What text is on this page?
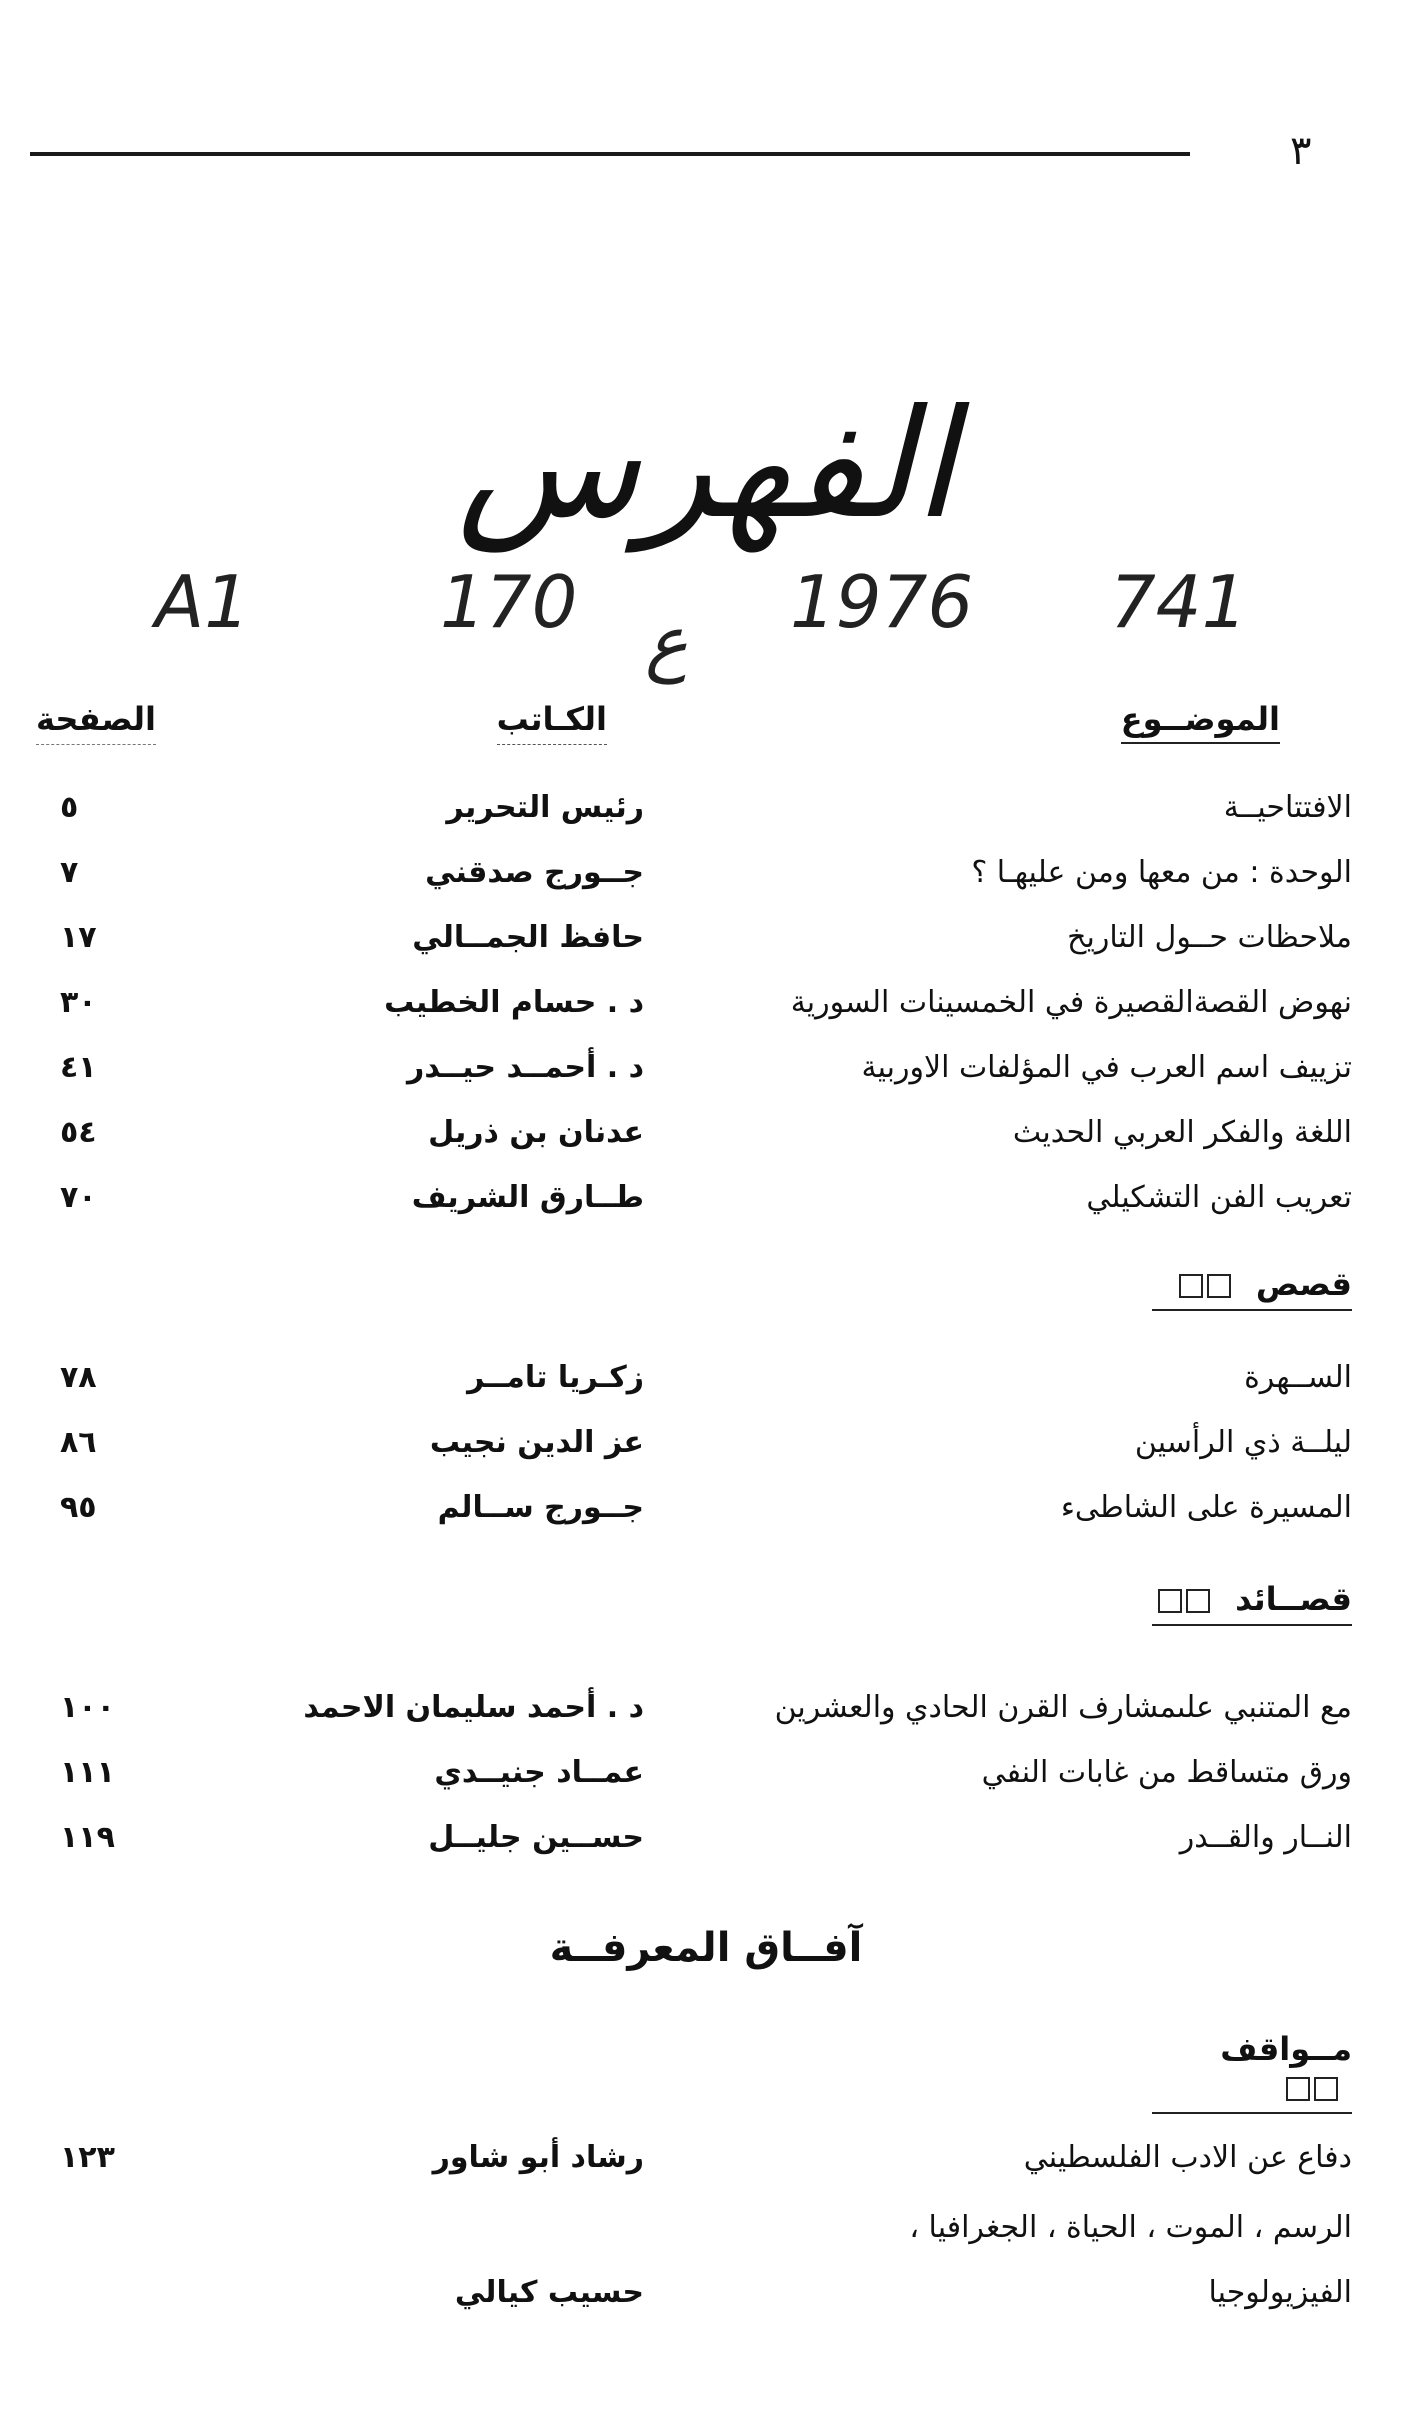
٣
الفهرس
A1	170 ع 1976 741
الموضــوع
الكـاتب
الصفحة
الافتتاحيــة
رئيس التحرير
٥
الوحدة : من معها ومن عليهـا ؟
جــورج صدقني
٧
ملاحظات حــول التاريخ
حافظ الجمــالي
١٧
نهوض القصةالقصيرة في الخمسينات السورية
د . حسام الخطيب
٣٠
تزييف اسم العرب في المؤلفات الاوربية
د . أحمــد حيــدر
٤١
اللغة والفكر العربي الحديث
عدنان بن ذريل
٥٤
تعريب الفن التشكيلي
طــارق الشريف
٧٠
قصص
الســهرة
زكـريا تامــر
٧٨
ليلــة ذي الرأسين
عز الدين نجيب
٨٦
المسيرة على الشاطىء
جــورج ســالم
٩٥
قصــائد
مع المتنبي علىمشارف القرن الحادي والعشرين
د . أحمد سليمان الاحمد
١٠٠
ورق متساقط من غابات النفي
عمــاد جنيــدي
١١١
النــار والقــدر
حســين جليــل
١١٩
آفــاق المعرفــة
مــواقف
دفاع عن الادب الفلسطيني
رشاد أبو شاور
١٢٣
الرسم ، الموت ، الحياة ، الجغرافيا ،
الفيزيولوجيا
حسيب كيالي
